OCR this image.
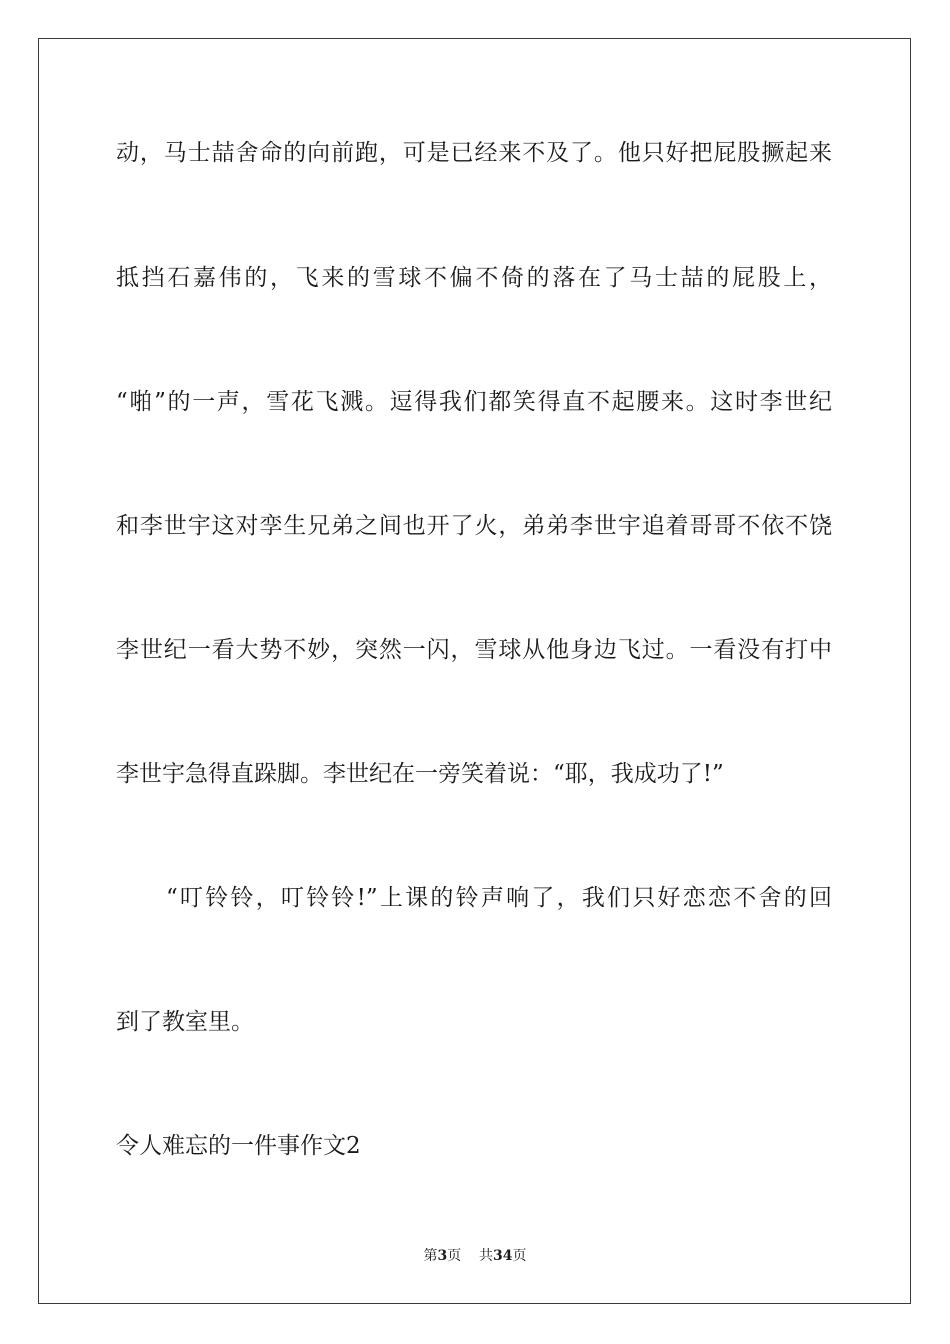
动，马士喆舍命的向前跑，可是已经来不及了。他只好把屁股撅起来
抵挡石嘉伟的，飞来的雪球不偏不倚的落在了马士喆的屁股上，
“啪”的一声，雪花飞溅。逗得我们都笑得直不起腰来。这时李世纪
和李世宇这对孪生兄弟之间也开了火，弟弟李世宇追着哥哥不依不饶
李世纪一看大势不妙，突然一闪，雪球从他身边飞过。一看没有打中
李世宇急得直跺脚。李世纪在一旁笑着说：“耶，我成功了!”
“叮铃铃，叮铃铃!”上课的铃声响了，我们只好恋恋不舍的回
到了教室里。
令人难忘的一件事作文2
第3页 共34页
